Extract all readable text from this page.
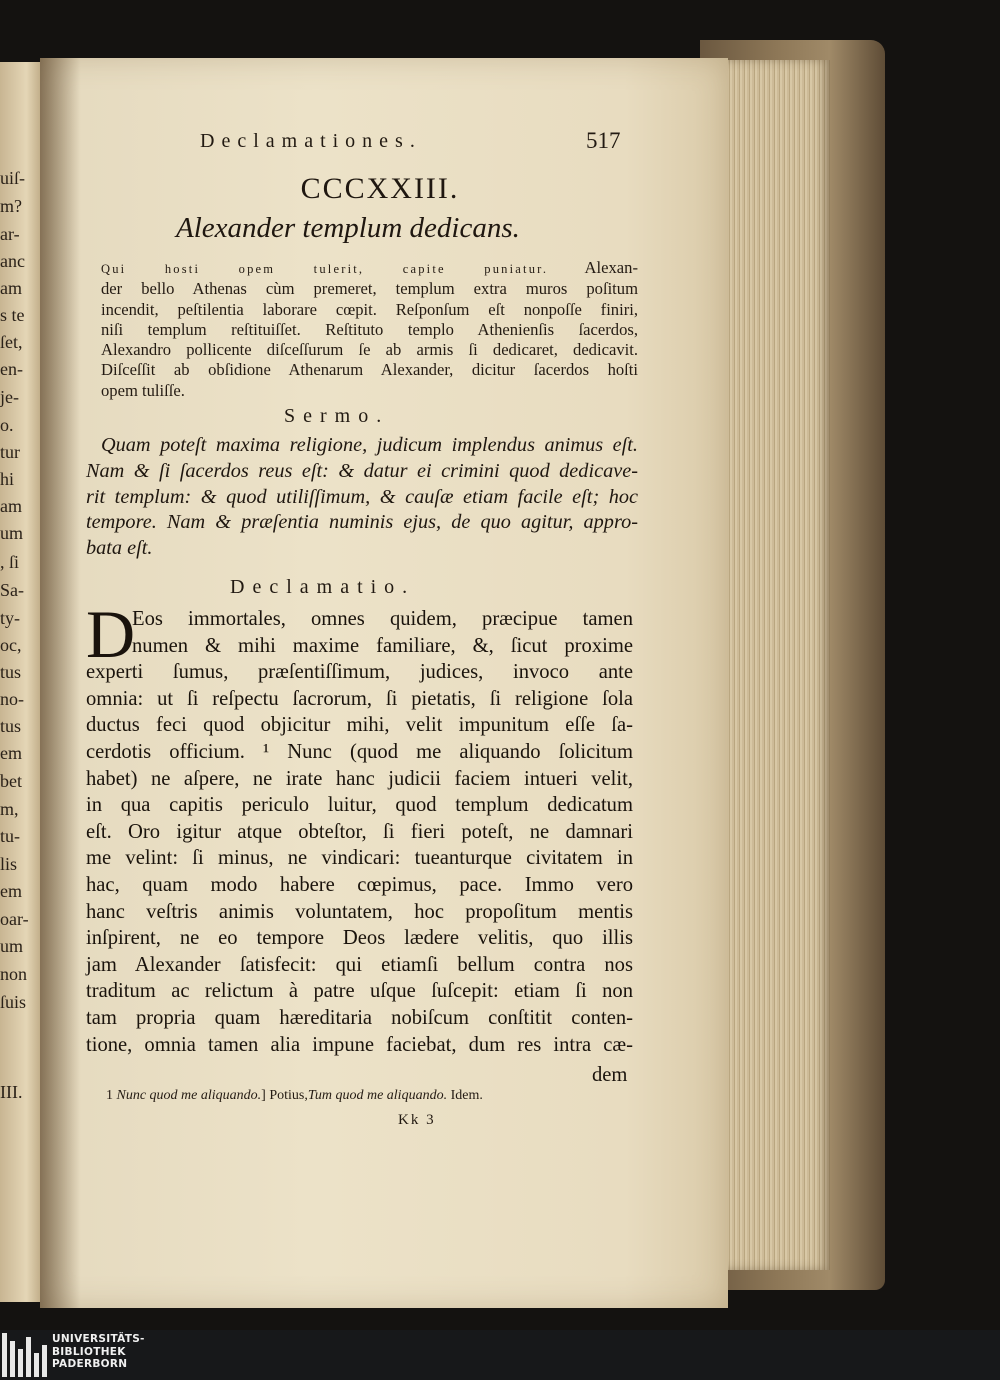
uiſ-
m?
ar-
anc
am
s te
ſet,
en-
je-
o.
tur
hi
am
um
, ſi
Sa-
ty-
oc,
tus
no-
tus
em
bet
m,
tu-
lis
em
oar-
um
non
ſuis
III.
Declamationes.	517
CCCXXIII.
Alexander templum dedicans.
Qui hosti opem tulerit, capite puniatur. Alexan-
der bello Athenas cùm premeret, templum extra muros poſitum
incendit, peſtilentia laborare cœpit. Reſponſum eſt nonpoſſe finiri,
niſi templum reſtituiſſet. Reſtituto templo Athenienſis ſacerdos,
Alexandro pollicente diſceſſurum ſe ab armis ſi dedicaret, dedicavit.
Diſceſſit ab obſidione Athenarum Alexander, dicitur ſacerdos hoſti
opem tuliſſe.
Sermo.
Quam poteſt maxima religione, judicum implendus animus eſt.
Nam & ſi ſacerdos reus eſt: & datur ei crimini quod dedicave-
rit templum: & quod utiliſſimum, & cauſæ etiam facile eſt; hoc
tempore. Nam & præſentia numinis ejus, de quo agitur, appro-
bata eſt.
Declamatio.
D
Eos immortales, omnes quidem, præcipue tamen
numen & mihi maxime familiare, &, ſicut proxime
experti ſumus, præſentiſſimum, judices, invoco ante
omnia: ut ſi reſpectu ſacrorum, ſi pietatis, ſi religione ſola
ductus feci quod objicitur mihi, velit impunitum eſſe ſa-
cerdotis officium. ¹ Nunc (quod me aliquando ſolicitum
habet) ne aſpere, ne irate hanc judicii faciem intueri velit,
in qua capitis periculo luitur, quod templum dedicatum
eſt. Oro igitur atque obteſtor, ſi fieri poteſt, ne damnari
me velint: ſi minus, ne vindicari: tueanturque civitatem in
hac, quam modo habere cœpimus, pace. Immo vero
hanc veſtris animis voluntatem, hoc propoſitum mentis
inſpirent, ne eo tempore Deos lædere velitis, quo illis
jam Alexander ſatisfecit: qui etiamſi bellum contra nos
traditum ac relictum à patre uſque ſuſcepit: etiam ſi non
tam propria quam hæreditaria nobiſcum conſtitit conten-
tione, omnia tamen alia impune faciebat, dum res intra cæ-
dem
1 Nunc quod me aliquando.] Potius,Tum quod me aliquando. Idem.
Kk 3
UNIVERSITÄTS-
BIBLIOTHEK
PADERBORN
